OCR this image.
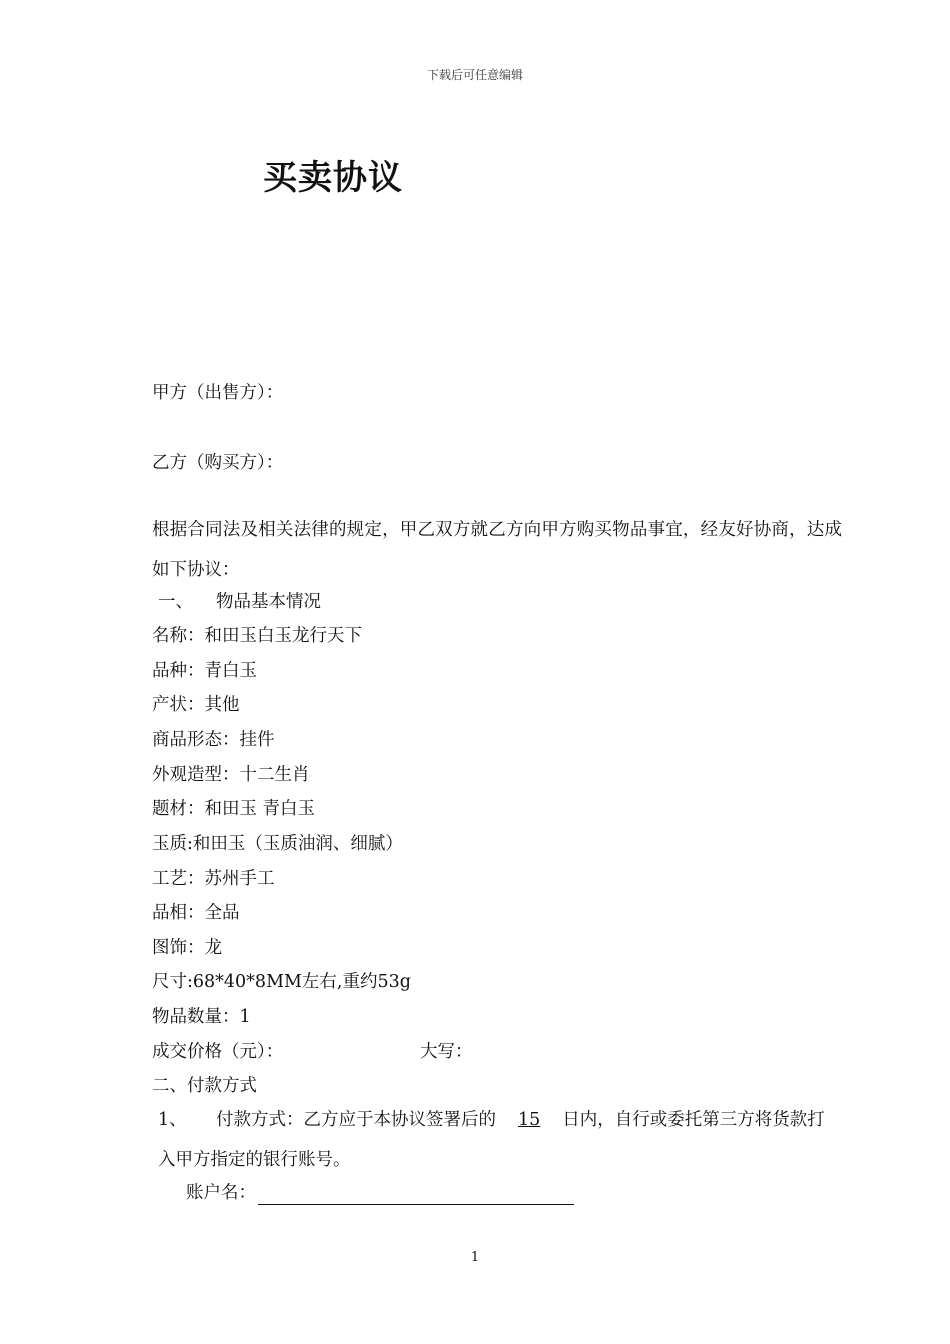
下载后可任意编辑
买卖协议
甲方（出售方）：
乙方（购买方）：
根据合同法及相关法律的规定，甲乙双方就乙方向甲方购买物品事宜，经友好协商，达成如下协议：
一、 物品基本情况
名称：和田玉白玉龙行天下
品种：青白玉
产状：其他
商品形态：挂件
外观造型：十二生肖
题材：和田玉 青白玉
玉质:和田玉（玉质油润、细腻）
工艺：苏州手工
品相：全品
图饰：龙
尺寸:68*40*8MM左右,重约53g
物品数量：1
成交价格（元）：	大写：
二、付款方式
1、 付款方式：乙方应于本协议签署后的 15 日内，自行或委托第三方将货款打入甲方指定的银行账号。
账户名：
1
